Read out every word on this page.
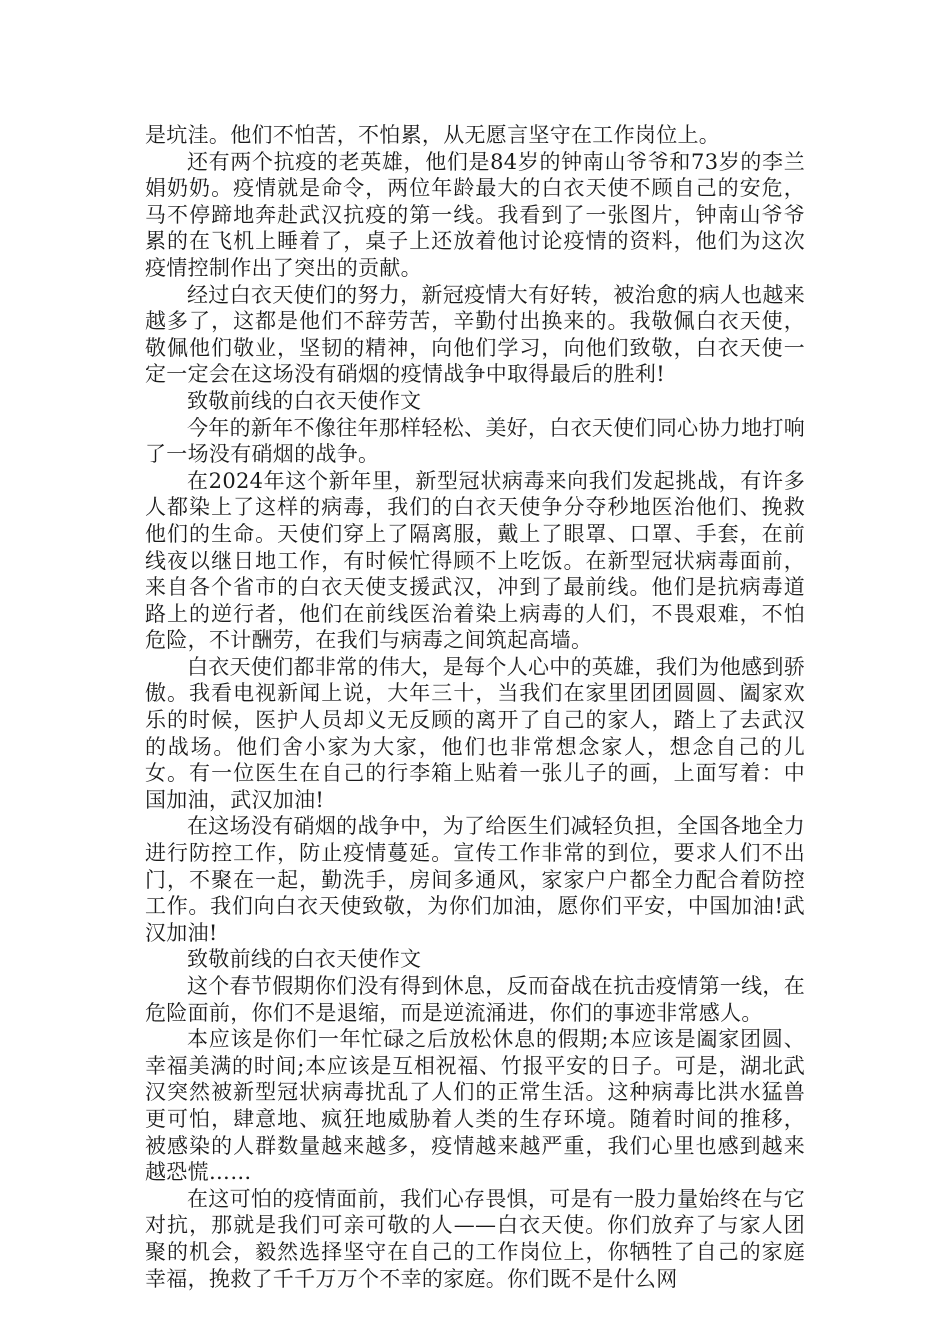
是坑洼。他们不怕苦，不怕累，从无愿言坚守在工作岗位上。

还有两个抗疫的老英雄，他们是84岁的钟南山爷爷和73岁的李兰娟奶奶。疫情就是命令，两位年龄最大的白衣天使不顾自己的安危，马不停蹄地奔赴武汉抗疫的第一线。我看到了一张图片，钟南山爷爷累的在飞机上睡着了，桌子上还放着他讨论疫情的资料，他们为这次疫情控制作出了突出的贡献。

经过白衣天使们的努力，新冠疫情大有好转，被治愈的病人也越来越多了，这都是他们不辞劳苦，辛勤付出换来的。我敬佩白衣天使，敬佩他们敬业，坚韧的精神，向他们学习，向他们致敬，白衣天使一定一定会在这场没有硝烟的疫情战争中取得最后的胜利!

致敬前线的白衣天使作文

今年的新年不像往年那样轻松、美好，白衣天使们同心协力地打响了一场没有硝烟的战争。

在2024年这个新年里，新型冠状病毒来向我们发起挑战，有许多人都染上了这样的病毒，我们的白衣天使争分夺秒地医治他们、挽救他们的生命。天使们穿上了隔离服，戴上了眼罩、口罩、手套，在前线夜以继日地工作，有时候忙得顾不上吃饭。在新型冠状病毒面前，来自各个省市的白衣天使支援武汉，冲到了最前线。他们是抗病毒道路上的逆行者，他们在前线医治着染上病毒的人们，不畏艰难，不怕危险，不计酬劳，在我们与病毒之间筑起高墙。

白衣天使们都非常的伟大，是每个人心中的英雄，我们为他感到骄傲。我看电视新闻上说，大年三十，当我们在家里团团圆圆、阖家欢乐的时候，医护人员却义无反顾的离开了自己的家人，踏上了去武汉的战场。他们舍小家为大家，他们也非常想念家人，想念自己的儿女。有一位医生在自己的行李箱上贴着一张儿子的画，上面写着：中国加油，武汉加油!

在这场没有硝烟的战争中，为了给医生们减轻负担，全国各地全力进行防控工作，防止疫情蔓延。宣传工作非常的到位，要求人们不出门，不聚在一起，勤洗手，房间多通风，家家户户都全力配合着防控工作。我们向白衣天使致敬，为你们加油，愿你们平安，中国加油!武汉加油!

致敬前线的白衣天使作文

这个春节假期你们没有得到休息，反而奋战在抗击疫情第一线，在危险面前，你们不是退缩，而是逆流涌进，你们的事迹非常感人。

本应该是你们一年忙碌之后放松休息的假期;本应该是阖家团圆、幸福美满的时间;本应该是互相祝福、竹报平安的日子。可是，湖北武汉突然被新型冠状病毒扰乱了人们的正常生活。这种病毒比洪水猛兽更可怕，肆意地、疯狂地威胁着人类的生存环境。随着时间的推移，被感染的人群数量越来越多，疫情越来越严重，我们心里也感到越来越恐慌……

在这可怕的疫情面前，我们心存畏惧，可是有一股力量始终在与它对抗，那就是我们可亲可敬的人——白衣天使。你们放弃了与家人团聚的机会，毅然选择坚守在自己的工作岗位上，你牺牲了自己的家庭幸福，挽救了千千万万个不幸的家庭。你们既不是什么网
